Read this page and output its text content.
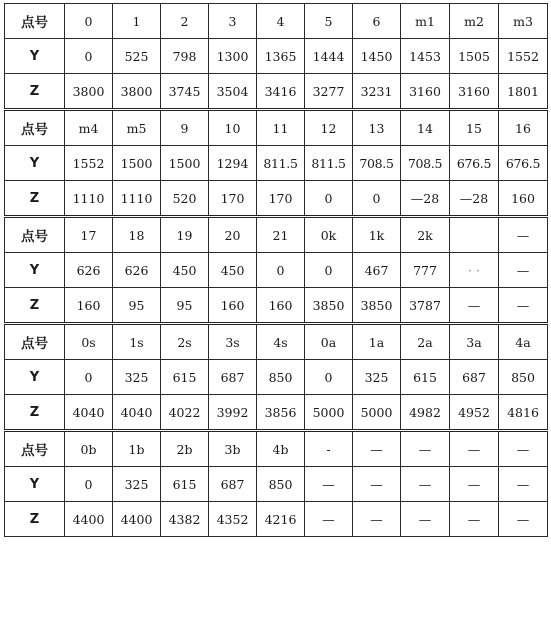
点号	0	1	2	3	4	5	6	m1	m2	m3
Y	0	525	798	1300	1365	1444	1450	1453	1505	1552
Z	3800	3800	3745	3504	3416	3277	3231	3160	3160	1801
点号	m4	m5	9	10	11	12	13	14	15	16
Y	1552	1500	1500	1294	811.5	811.5	708.5	708.5	676.5	676.5
Z	1110	1110	520	170	170	0	0	—28	—28	160
点号	17	18	19	20	21	0k	1k	2k		—
Y	626	626	450	450	0	0	467	777	· ·	—
Z	160	95	95	160	160	3850	3850	3787	—	—
点号	0s	1s	2s	3s	4s	0a	1a	2a	3a	4a
Y	0	325	615	687	850	0	325	615	687	850
Z	4040	4040	4022	3992	3856	5000	5000	4982	4952	4816
点号	0b	1b	2b	3b	4b	-	—	—	—	—
Y	0	325	615	687	850	—	—	—	—	—
Z	4400	4400	4382	4352	4216	—	—	—	—	—
